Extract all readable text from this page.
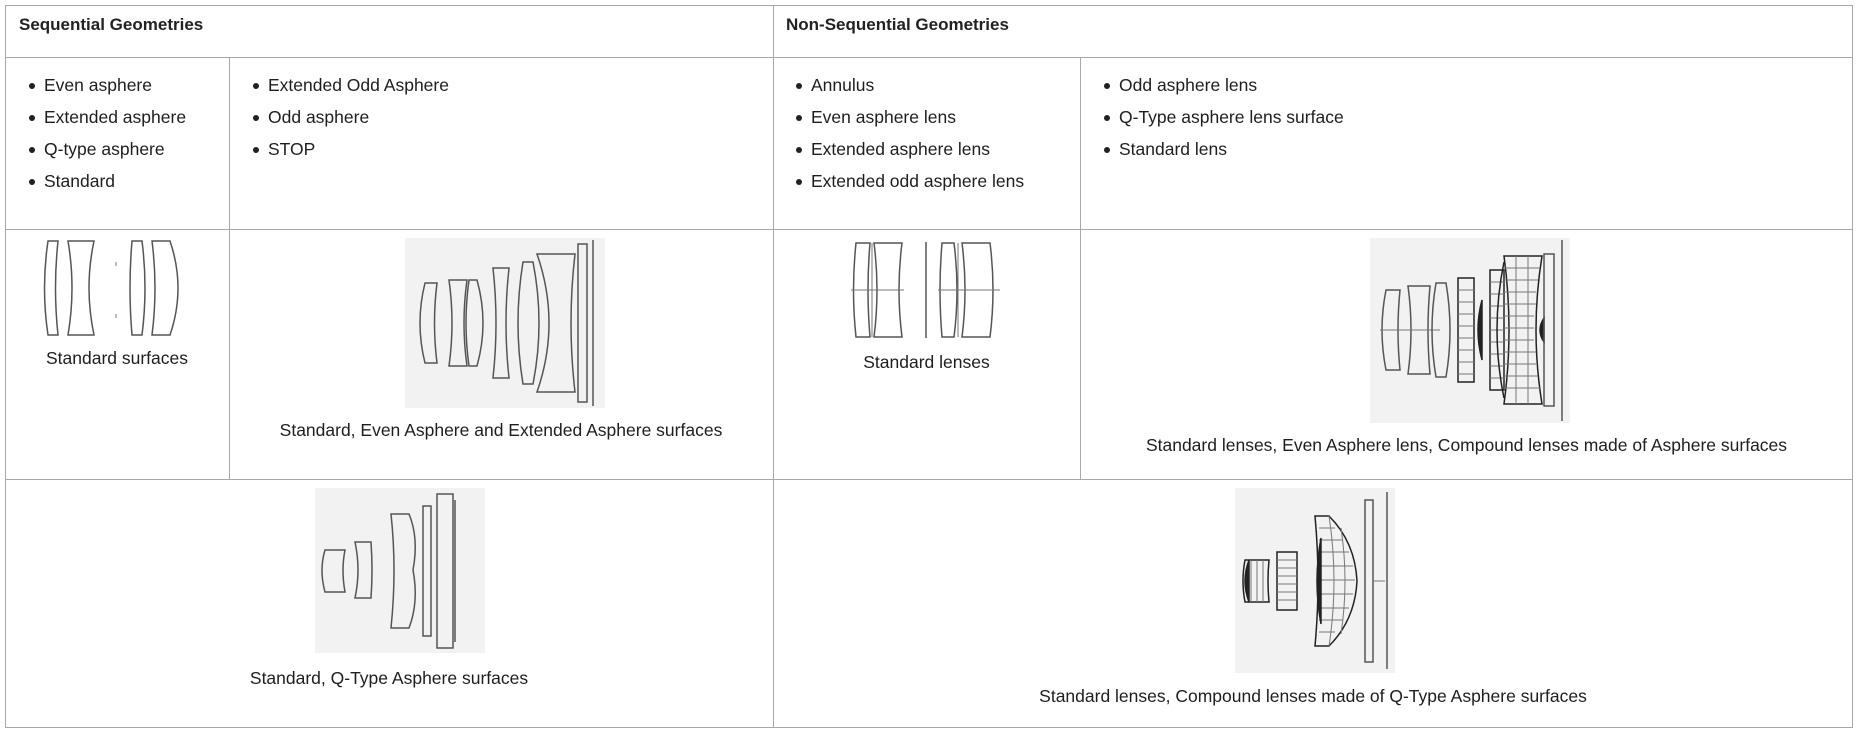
Sequential Geometries	Non-Sequential Geometries
Even asphere
Extended asphere
Q-type asphere
Standard
Extended Odd Asphere
Odd asphere
STOP
Annulus
Even asphere lens
Extended asphere lens
Extended odd asphere lens
Odd asphere lens
Q-Type asphere lens surface
Standard lens
Standard surfaces
Standard, Even Asphere and Extended Asphere surfaces
Standard lenses
Standard lenses, Even Asphere lens, Compound lenses made of Asphere surfaces
Standard, Q-Type Asphere surfaces
Standard lenses, Compound lenses made of Q-Type Asphere surfaces
